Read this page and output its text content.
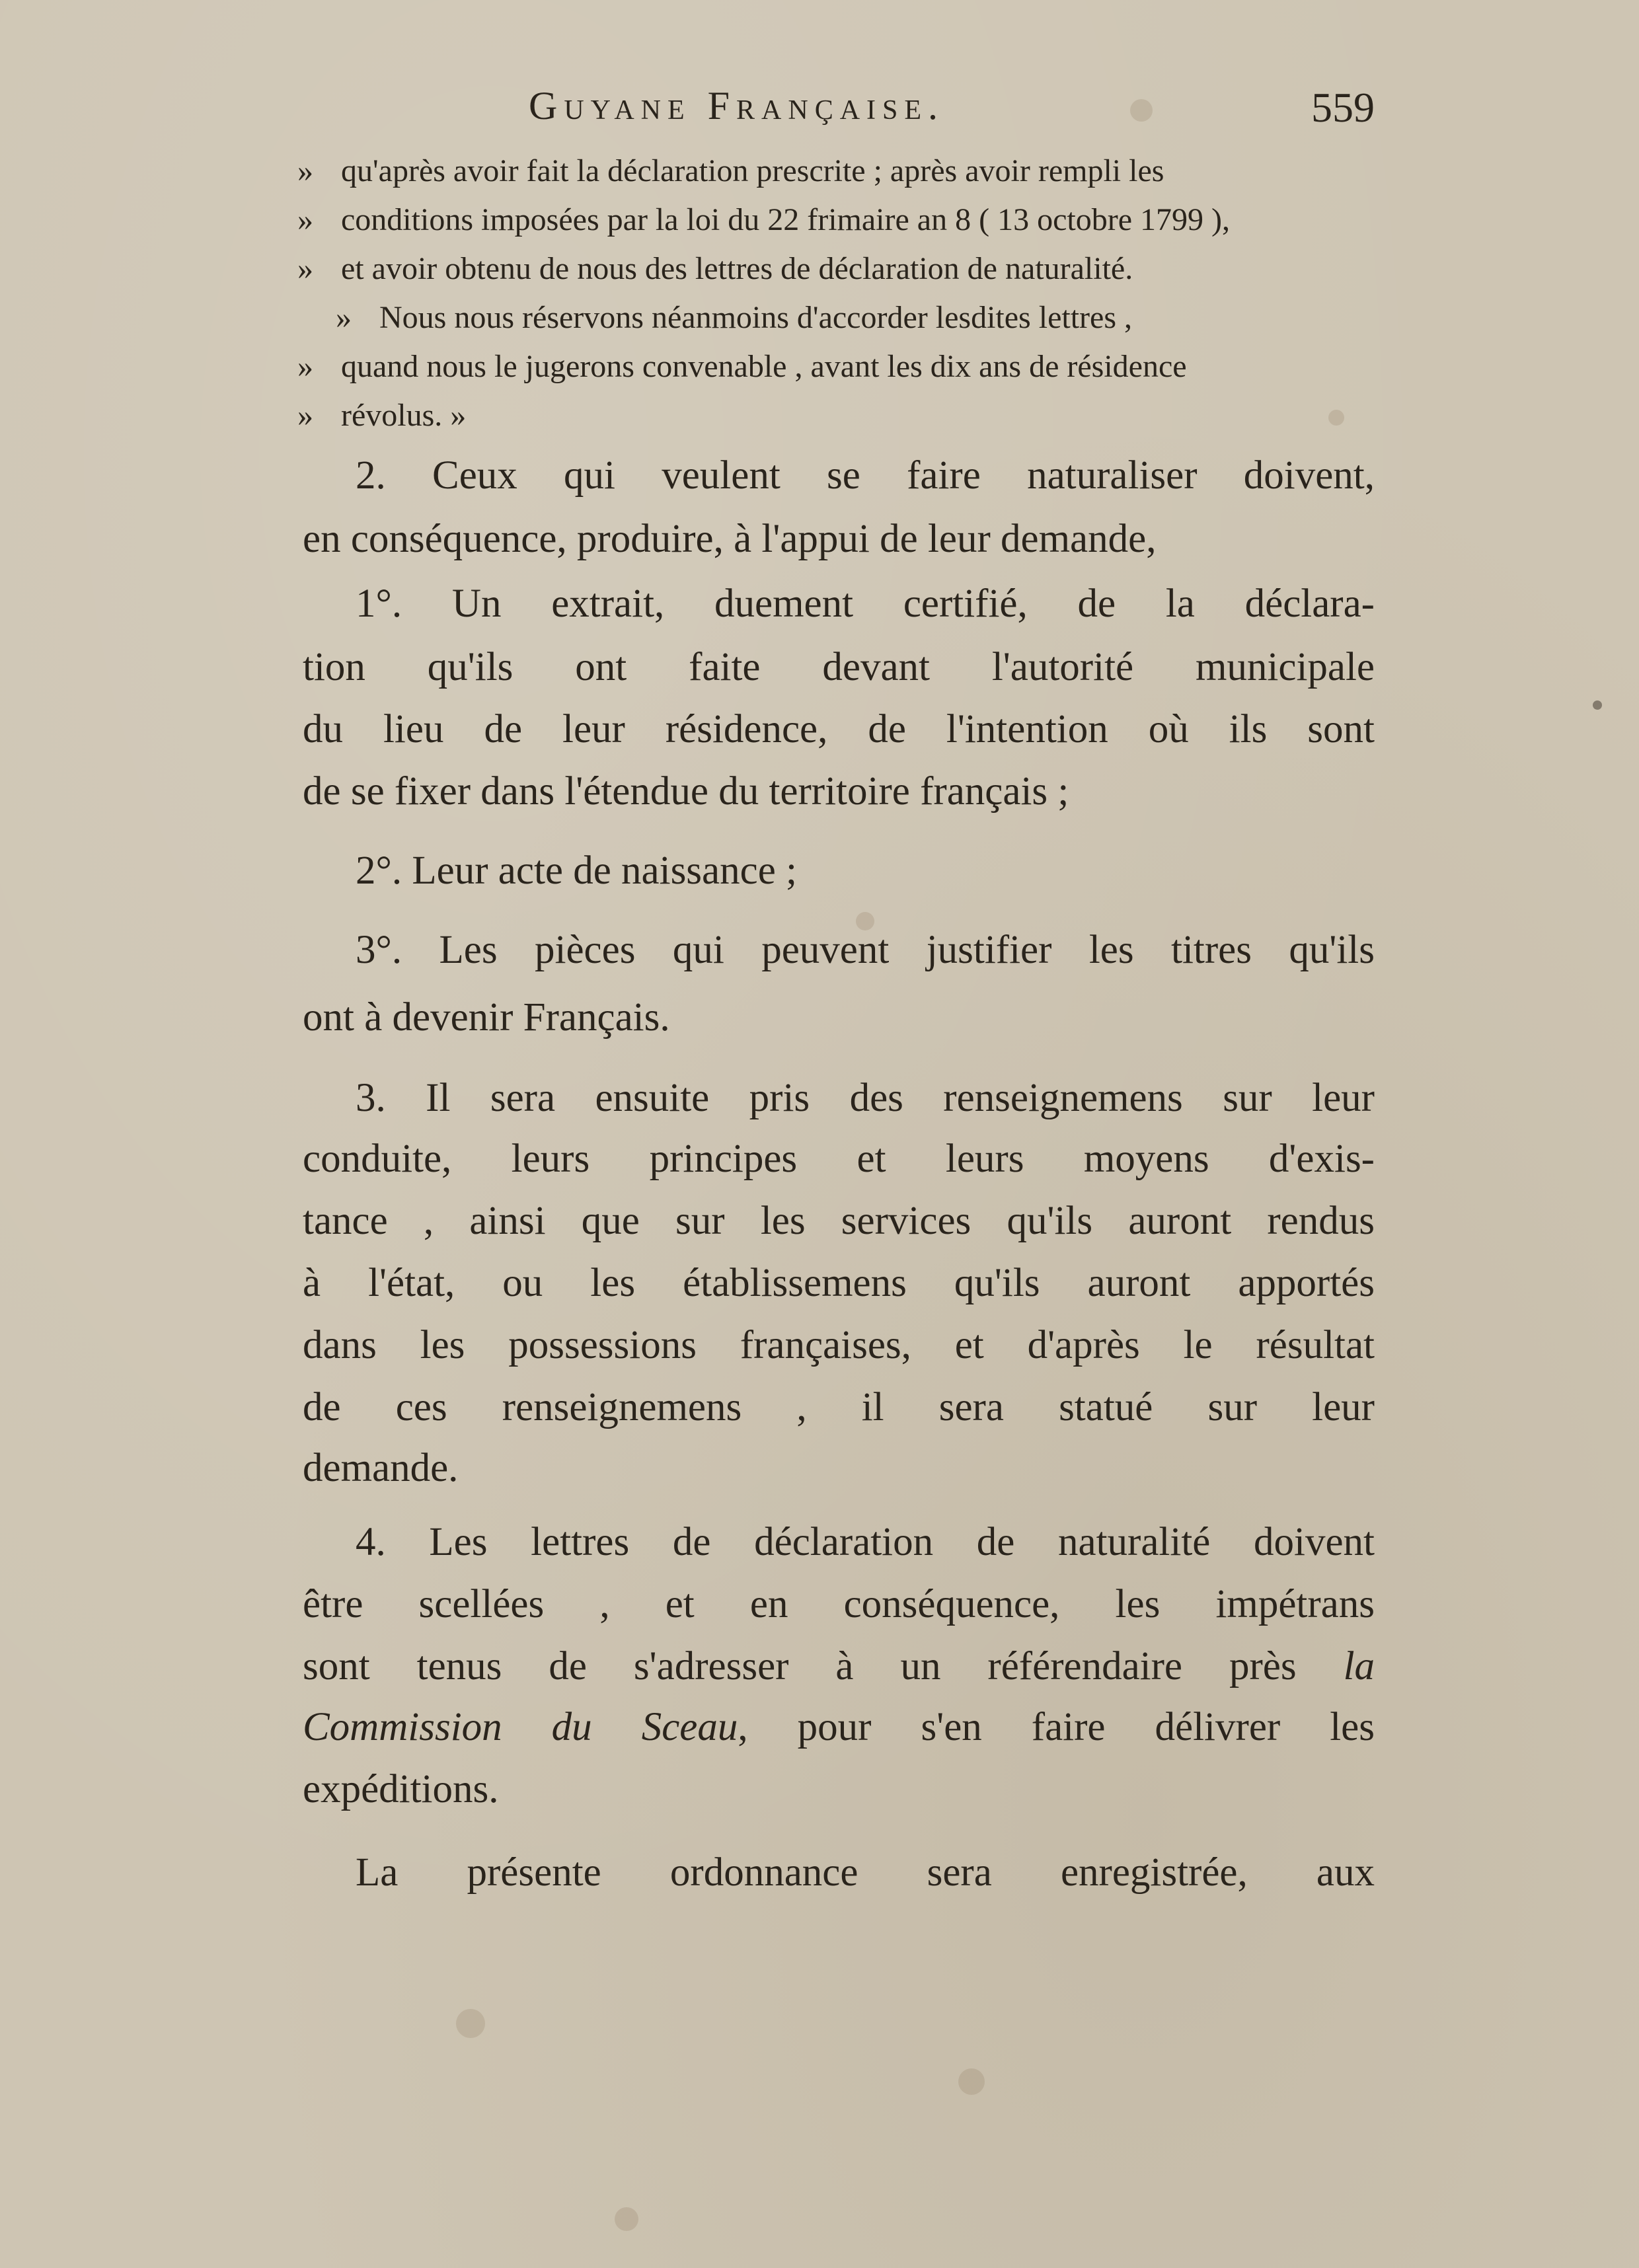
Guyane Française.	559
» qu'après avoir fait la déclaration prescrite ; après avoir rempli les
» conditions imposées par la loi du 22 frimaire an 8 ( 13 octobre 1799 ),
» et avoir obtenu de nous des lettres de déclaration de naturalité.
» Nous nous réservons néanmoins d'accorder lesdites lettres ,
» quand nous le jugerons convenable , avant les dix ans de résidence
» révolus. »
2. Ceux qui veulent se faire naturaliser doivent,
en conséquence, produire, à l'appui de leur demande,
1°. Un extrait, duement certifié, de la déclara-
tion qu'ils ont faite devant l'autorité municipale
du lieu de leur résidence, de l'intention où ils sont
de se fixer dans l'étendue du territoire français ;
2°. Leur acte de naissance ;
3°. Les pièces qui peuvent justifier les titres qu'ils
ont à devenir Français.
3. Il sera ensuite pris des renseignemens sur leur
conduite, leurs principes et leurs moyens d'exis-
tance , ainsi que sur les services qu'ils auront rendus
à l'état, ou les établissemens qu'ils auront apportés
dans les possessions françaises, et d'après le résultat
de ces renseignemens , il sera statué sur leur
demande.
4. Les lettres de déclaration de naturalité doivent
être scellées , et en conséquence, les impétrans
sont tenus de s'adresser à un référendaire près la
Commission du Sceau, pour s'en faire délivrer les
expéditions.
La présente ordonnance sera enregistrée, aux
